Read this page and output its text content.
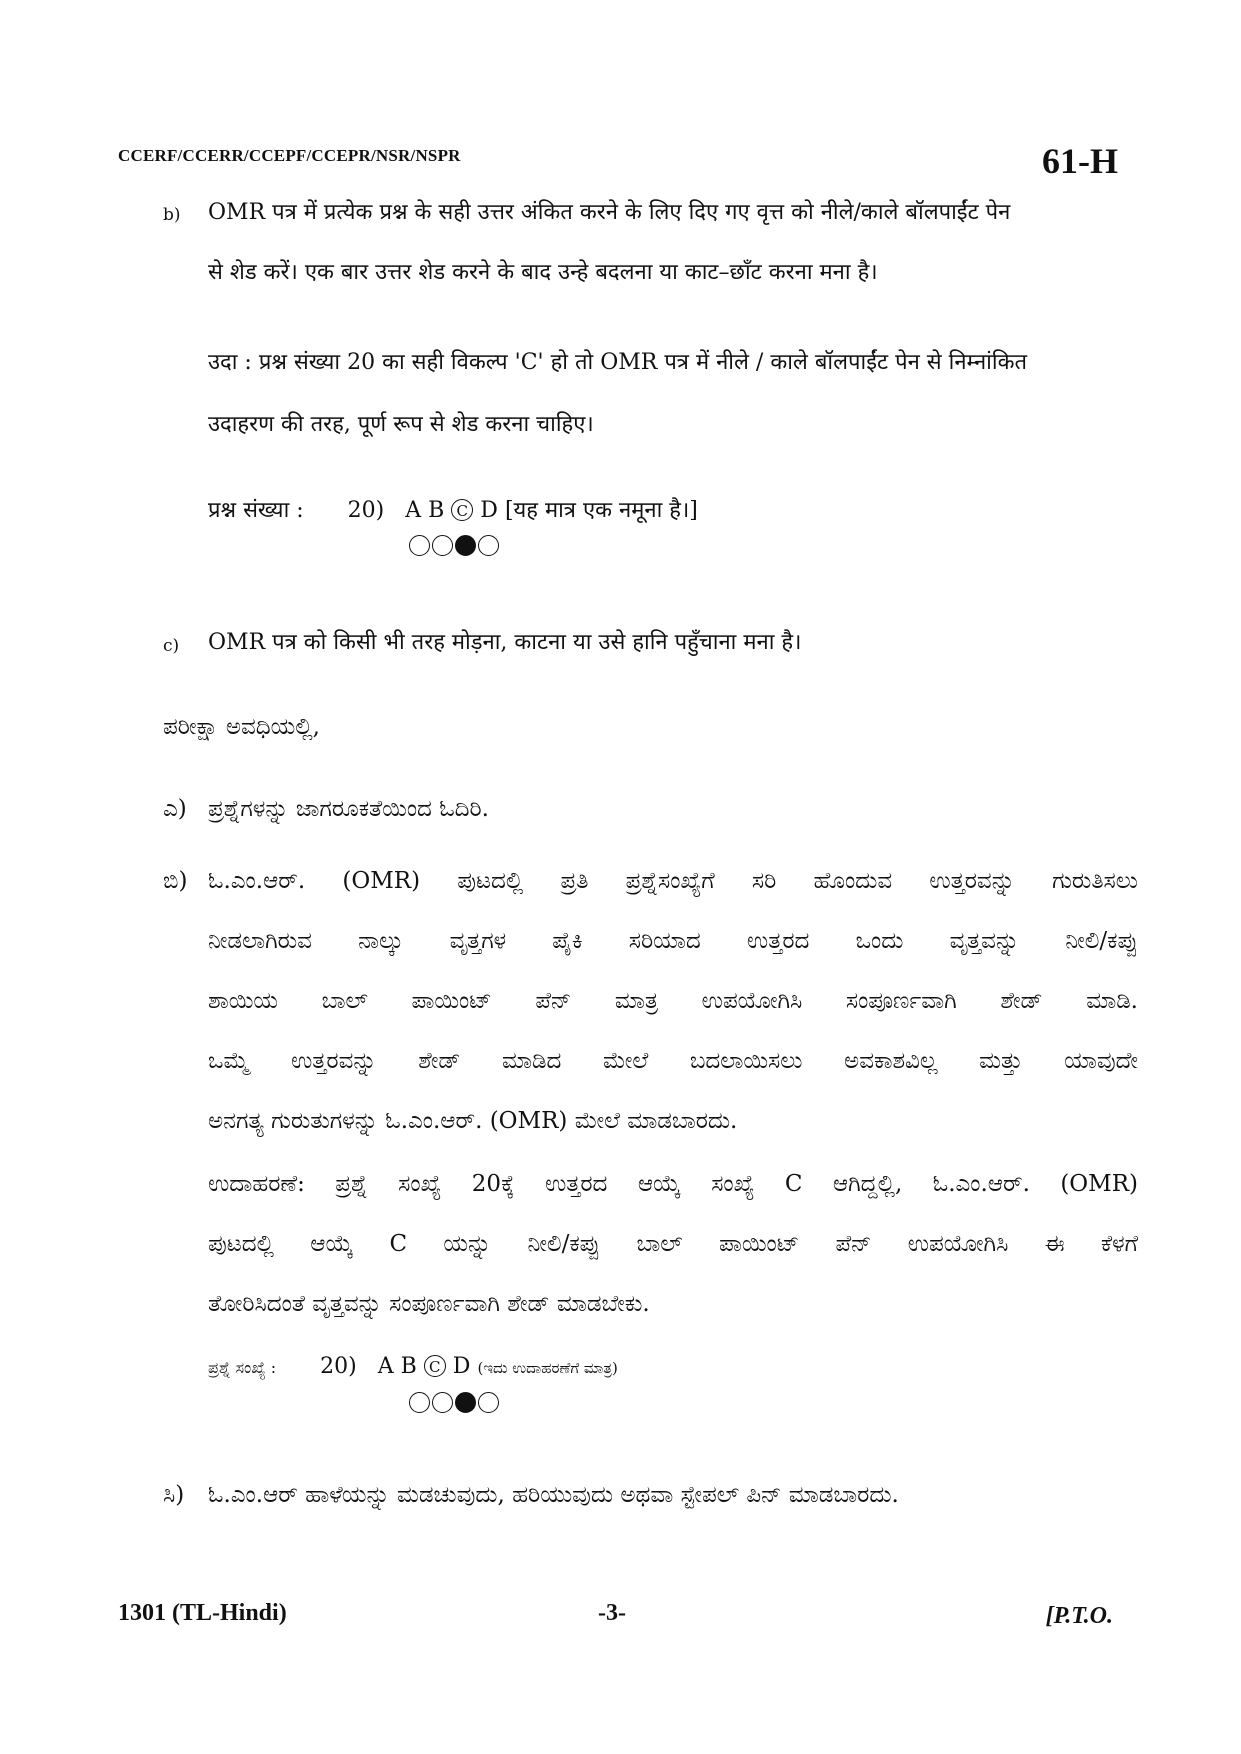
CCERF/CCERR/CCEPF/CCEPR/NSR/NSPR	61-H
b) OMR पत्र में प्रत्येक प्रश्न के सही उत्तर अंकित करने के लिए दिए गए वृत्त को नीले/काले बॉलपाईंट पेन
से शेड करें। एक बार उत्तर शेड करने के बाद उन्हे बदलना या काट–छाँट करना मना है।
उदा : प्रश्न संख्या 20 का सही विकल्प 'C' हो तो OMR पत्र में नीले / काले बॉलपाईंट पेन से निम्नांकित
उदाहरण की तरह, पूर्ण रूप से शेड करना चाहिए।
प्रश्न संख्या : 20) A B C D [यह मात्र एक नमूना है।]
c) OMR पत्र को किसी भी तरह मोड़ना, काटना या उसे हानि पहुँचाना मना है।
ಪರೀಕ್ಷಾ ಅವಧಿಯಲ್ಲಿ,
ಎ) ಪ್ರಶ್ನೆಗಳನ್ನು ಜಾಗರೂಕತೆಯಿಂದ ಓದಿರಿ.
ಬಿ) ಓ.ಎಂ.ಆರ್. (OMR) ಪುಟದಲ್ಲಿ ಪ್ರತಿ ಪ್ರಶ್ನೆಸಂಖ್ಯೆಗೆ ಸರಿ ಹೊಂದುವ ಉತ್ತರವನ್ನು ಗುರುತಿಸಲು
ನೀಡಲಾಗಿರುವ ನಾಲ್ಕು ವೃತ್ತಗಳ ಪೈಕಿ ಸರಿಯಾದ ಉತ್ತರದ ಒಂದು ವೃತ್ತವನ್ನು ನೀಲಿ/ಕಪ್ಪು
ಶಾಯಿಯ ಬಾಲ್ ಪಾಯಿಂಟ್ ಪೆನ್ ಮಾತ್ರ ಉಪಯೋಗಿಸಿ ಸಂಪೂರ್ಣವಾಗಿ ಶೇಡ್ ಮಾಡಿ.
ಒಮ್ಮೆ ಉತ್ತರವನ್ನು ಶೇಡ್ ಮಾಡಿದ ಮೇಲೆ ಬದಲಾಯಿಸಲು ಅವಕಾಶವಿಲ್ಲ ಮತ್ತು ಯಾವುದೇ
ಅನಗತ್ಯ ಗುರುತುಗಳನ್ನು ಓ.ಎಂ.ಆರ್. (OMR) ಮೇಲೆ ಮಾಡಬಾರದು.
ಉದಾಹರಣೆ: ಪ್ರಶ್ನೆ ಸಂಖ್ಯೆ 20ಕ್ಕೆ ಉತ್ತರದ ಆಯ್ಕೆ ಸಂಖ್ಯೆ C ಆಗಿದ್ದಲ್ಲಿ, ಓ.ಎಂ.ಆರ್. (OMR)
ಪುಟದಲ್ಲಿ ಆಯ್ಕೆ C ಯನ್ನು ನೀಲಿ/ಕಪ್ಪು ಬಾಲ್ ಪಾಯಿಂಟ್ ಪೆನ್ ಉಪಯೋಗಿಸಿ ಈ ಕೆಳಗೆ
ತೋರಿಸಿದಂತೆ ವೃತ್ತವನ್ನು ಸಂಪೂರ್ಣವಾಗಿ ಶೇಡ್ ಮಾಡಬೇಕು.
ಪ್ರಶ್ನೆ ಸಂಖ್ಯೆ : 20) A B C D (ಇದು ಉದಾಹರಣೆಗೆ ಮಾತ್ರ)
ಸಿ) ಓ.ಎಂ.ಆರ್ ಹಾಳೆಯನ್ನು ಮಡಚುವುದು, ಹರಿಯುವುದು ಅಥವಾ ಸ್ಟೇಪಲ್ ಪಿನ್ ಮಾಡಬಾರದು.
1301 (TL-Hindi)	-3-	[P.T.O.
